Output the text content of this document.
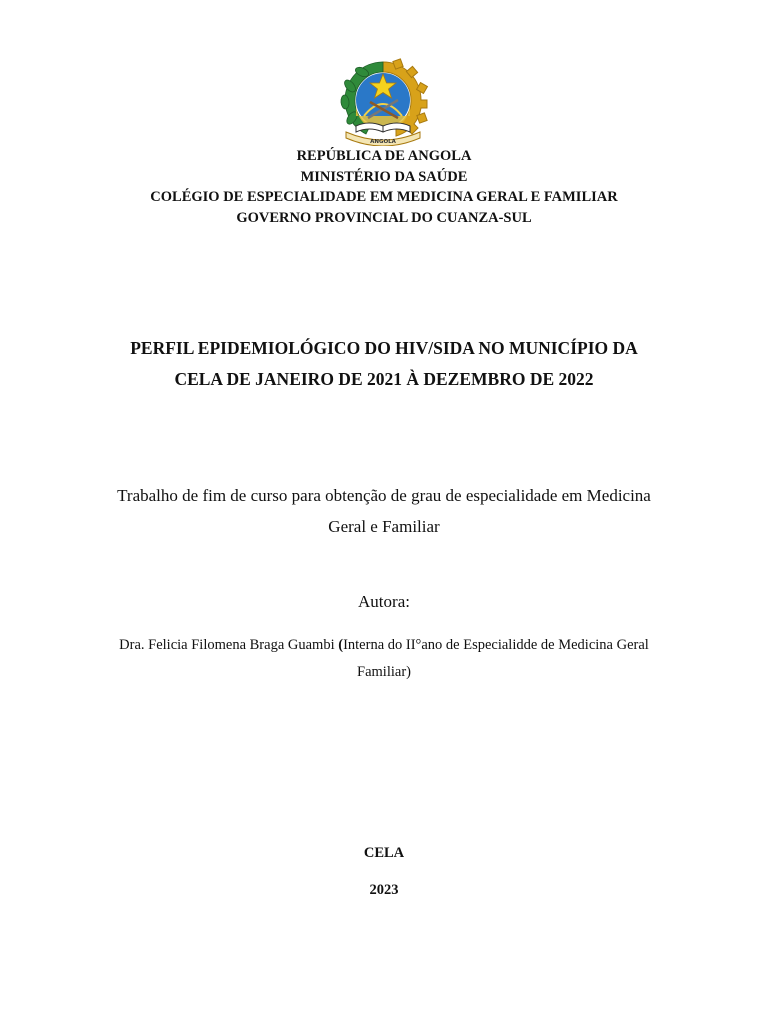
ANGOLA
REPÚBLICA DE ANGOLA
MINISTÉRIO DA SAÚDE
COLÉGIO DE ESPECIALIDADE EM MEDICINA GERAL E FAMILIAR
GOVERNO PROVINCIAL DO CUANZA-SUL
PERFIL EPIDEMIOLÓGICO DO HIV/SIDA NO MUNICÍPIO DA
CELA DE JANEIRO DE 2021 À DEZEMBRO DE 2022
Trabalho de fim de curso para obtenção de grau de especialidade em Medicina
Geral e Familiar
Autora:
Dra. Felicia Filomena Braga Guambi (Interna do II°ano de Especialidde de Medicina Geral
Familiar)
CELA
2023
